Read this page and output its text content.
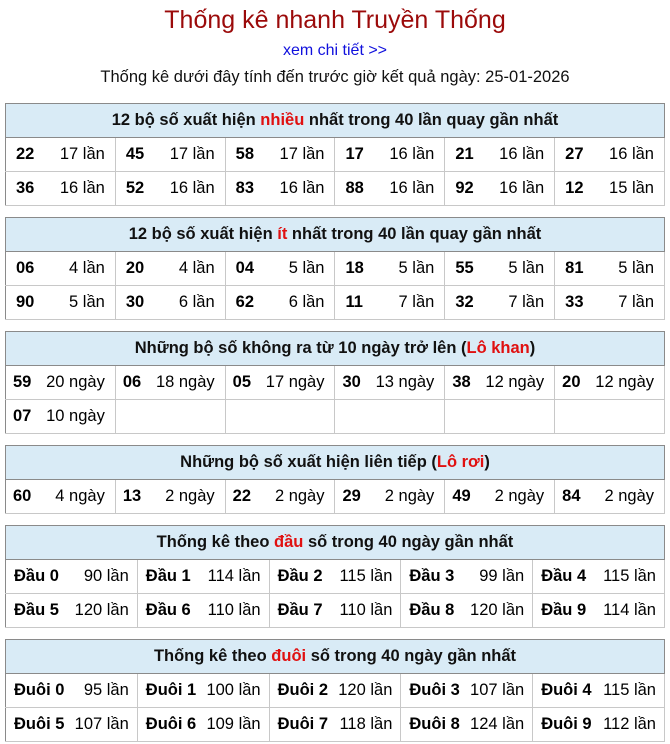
Thống kê nhanh Truyền Thống
xem chi tiết >>
Thống kê dưới đây tính đến trước giờ kết quả ngày: 25-01-2026
12 bộ số xuất hiện nhiều nhất trong 40 lần quay gần nhất					

22 17 lần	45 17 lần	58 17 lần	17 16 lần	21 16 lần	27 16 lần

36 16 lần	52 16 lần	83 16 lần	88 16 lần	92 16 lần	12 15 lần
12 bộ số xuất hiện ít nhất trong 40 lần quay gần nhất					

06 4 lần	20 4 lần	04 5 lần	18 5 lần	55 5 lần	81 5 lần

90 5 lần	30 6 lần	62 6 lần	11 7 lần	32 7 lần	33 7 lần
Những bộ số không ra từ 10 ngày trở lên (Lô khan)					

59 20 ngày	06 18 ngày	05 17 ngày	30 13 ngày	38 12 ngày	20 12 ngày

07 10 ngày					

Những bộ số xuất hiện liên tiếp (Lô rơi)

60	4 ngày	13	2 ngày	22	2 ngày	29	2 ngày	49	2 ngày	84	2 ngày
Thống kê theo đầu số trong 40 ngày gần nhất				

Đầu 0 90 lần	Đầu 1 114 lần	Đầu 2 115 lần	Đầu 3 99 lần	Đầu 4 115 lần

Đầu 5 120 lần	Đầu 6 110 lần	Đầu 7 110 lần	Đầu 8 120 lần	Đầu 9 114 lần
Thống kê theo đuôi số trong 40 ngày gần nhất				

Đuôi 0 95 lần	Đuôi 1 100 lần	Đuôi 2 120 lần	Đuôi 3 107 lần	Đuôi 4 115 lần

Đuôi 5 107 lần	Đuôi 6 109 lần	Đuôi 7 118 lần	Đuôi 8 124 lần	Đuôi 9 112 lần
